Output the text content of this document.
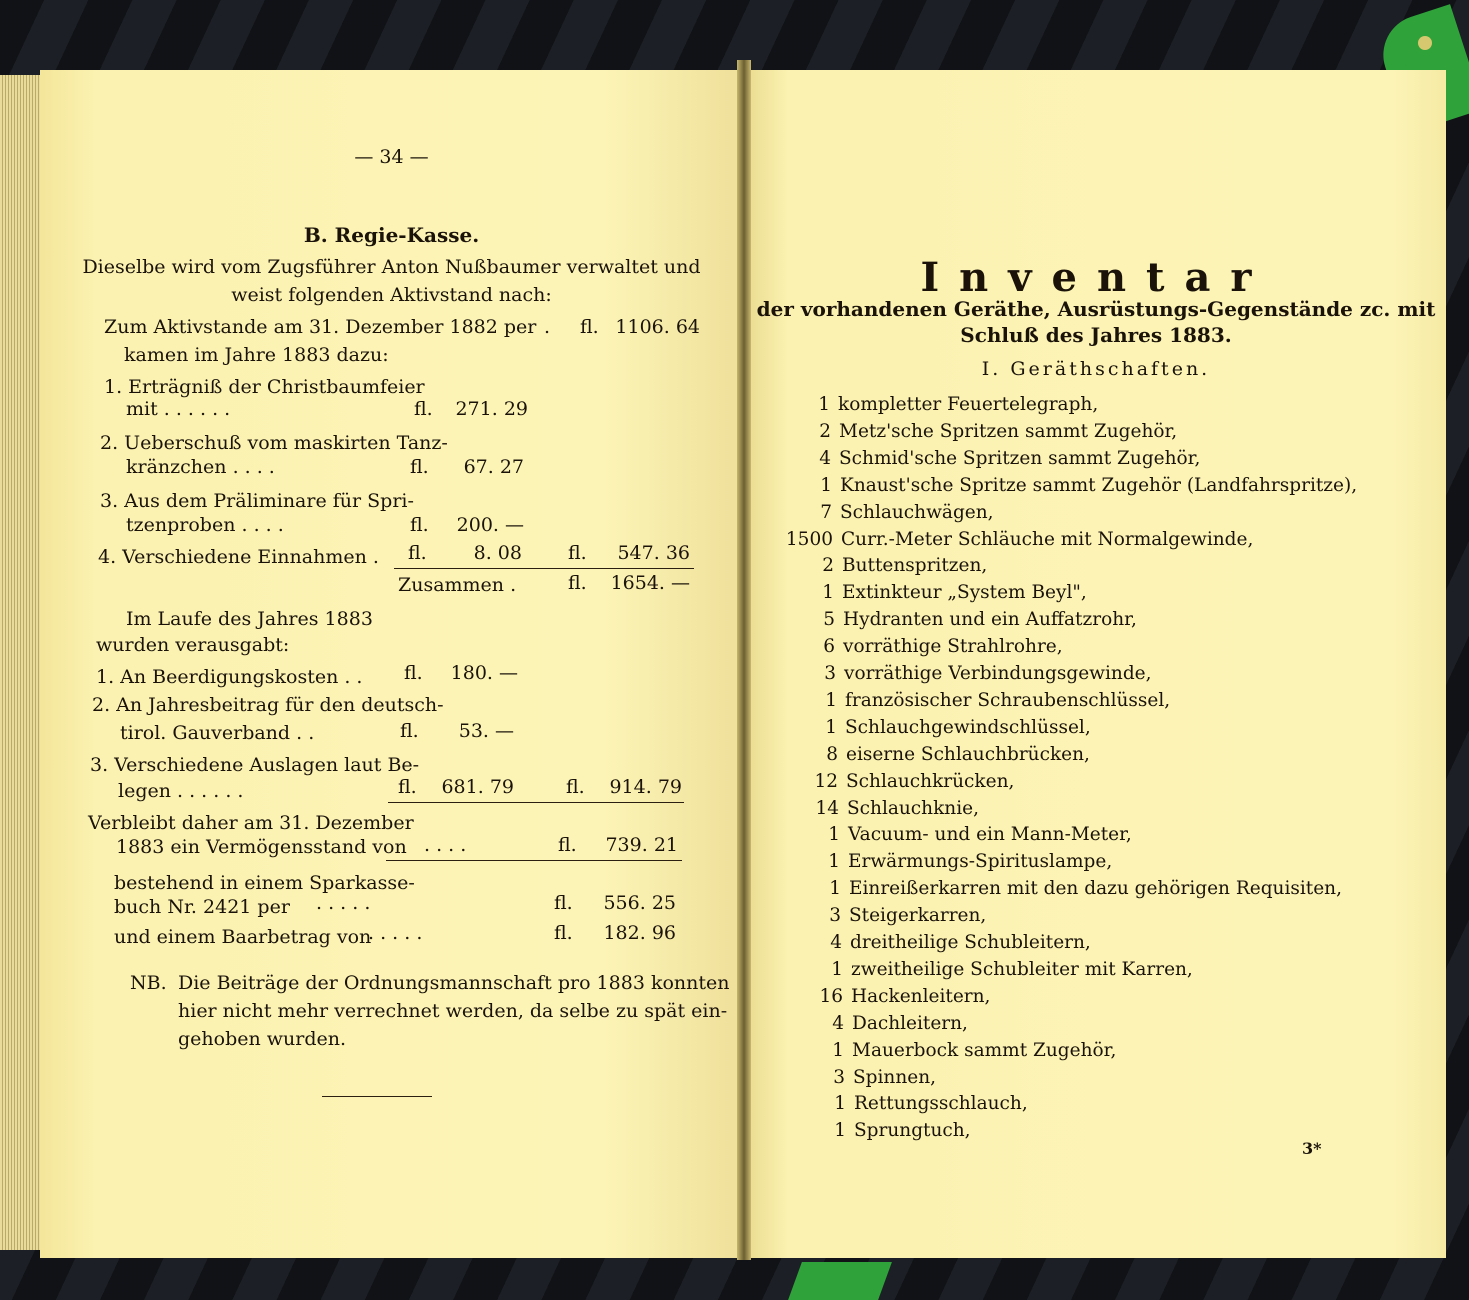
— 34 —
B. Regie-Kasse.
Dieselbe wird vom Zugsführer Anton Nußbaumer verwaltet und
weist folgenden Aktivstand nach:
Zum Aktivstande am 31. Dezember 1882 per . fl. 1106. 64
kamen im Jahre 1883 dazu:
1. Erträgniß der Christbaumfeier
mit . . . . . .	fl.	271. 29
2. Ueberschuß vom maskirten Tanz-
kränzchen . . . .	fl.	67. 27
3. Aus dem Präliminare für Spri-
tzenproben . . . .	fl.	200. —
4. Verschiedene Einnahmen . fl.	8. 08 fl.	547. 36
Zusammen .	fl.	1654. —
Im Laufe des Jahres 1883
wurden verausgabt:
1. An Beerdigungskosten . . fl.	180. —
2. An Jahresbeitrag für den deutsch-
tirol. Gauverband . .	fl.	53. —
3. Verschiedene Auslagen laut Be-
legen . . . . . .	fl.	681. 79	fl.	914. 79
Verbleibt daher am 31. Dezember
1883 ein Vermögensstand von . . . .	fl.	739. 21
bestehend in einem Sparkasse-
buch Nr. 2421 per . . . . .	fl.	556. 25
und einem Baarbetrag von
. . . . .	fl.	182. 96
NB. Die Beiträge der Ordnungsmannschaft pro 1883 konnten
hier nicht mehr verrechnet werden, da selbe zu spät ein-
gehoben wurden.
Inventar
der vorhandenen Geräthe, Ausrüstungs-Gegenstände zc. mit
Schluß des Jahres 1883.
I. Geräthschaften.
1 kompletter Feuertelegraph,
2 Metz'sche Spritzen sammt Zugehör,
4 Schmid'sche Spritzen sammt Zugehör,
1 Knaust'sche Spritze sammt Zugehör (Landfahrspritze),
7 Schlauchwägen,
1500 Curr.-Meter Schläuche mit Normalgewinde,
2 Buttenspritzen,
1 Extinkteur „System Beyl",
5 Hydranten und ein Auffatzrohr,
6 vorräthige Strahlrohre,
3 vorräthige Verbindungsgewinde,
1 französischer Schraubenschlüssel,
1 Schlauchgewindschlüssel,
8 eiserne Schlauchbrücken,
12 Schlauchkrücken,
14 Schlauchknie,
1 Vacuum- und ein Mann-Meter,
1 Erwärmungs-Spirituslampe,
1 Einreißerkarren mit den dazu gehörigen Requisiten,
3 Steigerkarren,
4 dreitheilige Schubleitern,
1 zweitheilige Schubleiter mit Karren,
16 Hackenleitern,
4 Dachleitern,
1 Mauerbock sammt Zugehör,
3 Spinnen,
1 Rettungsschlauch,
1 Sprungtuch,
3*
